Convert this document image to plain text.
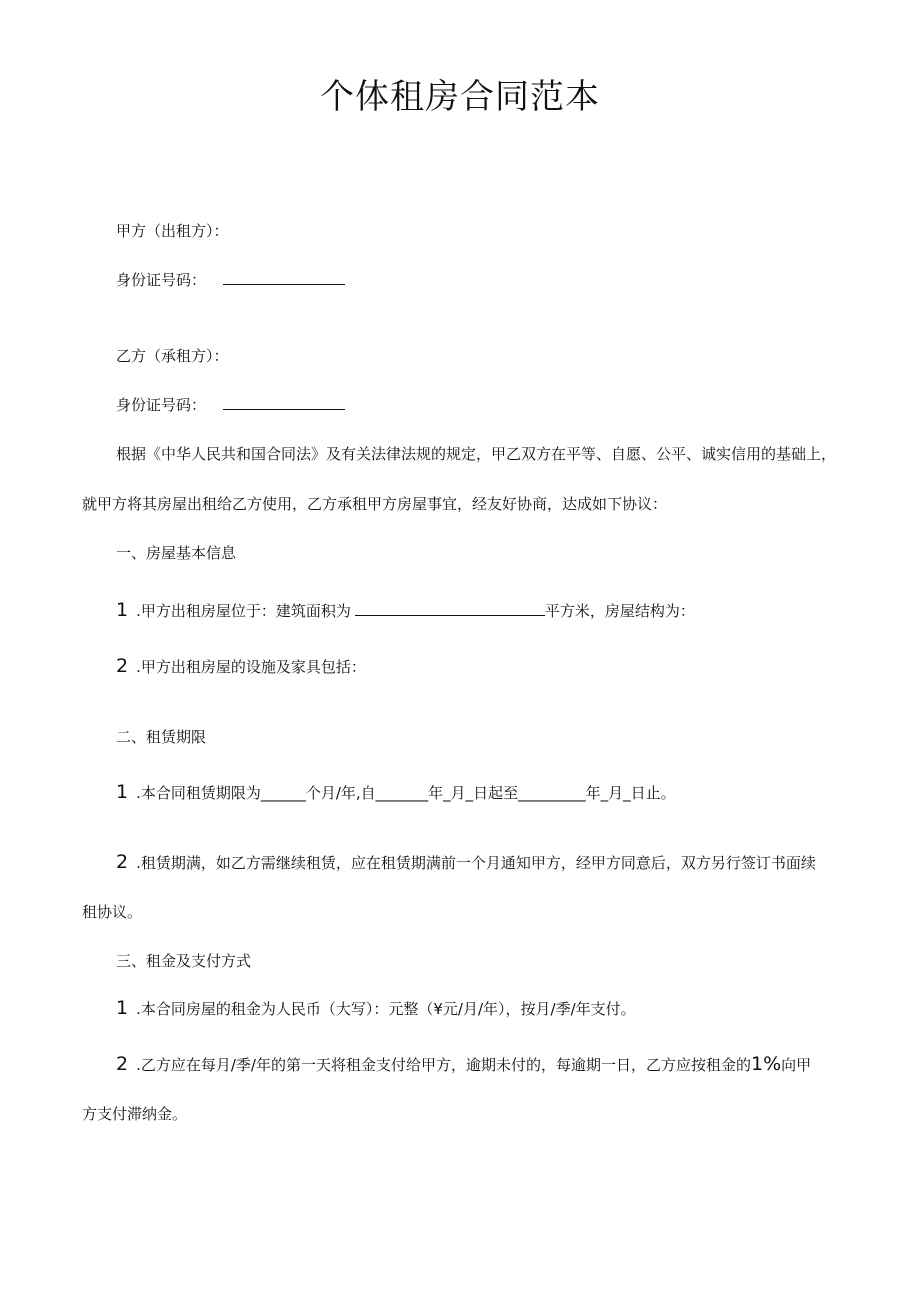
个体租房合同范本
甲方（出租方）：
身份证号码：
乙方（承租方）：
身份证号码：
根据《中华人民共和国合同法》及有关法律法规的规定，甲乙双方在平等、自愿、公平、诚实信用的基础上，
就甲方将其房屋出租给乙方使用，乙方承租甲方房屋事宜，经友好协商，达成如下协议：
一、房屋基本信息
1 .甲方出租房屋位于：建筑面积为	平方米，房屋结构为：
2 .甲方出租房屋的设施及家具包括：
二、租赁期限
1 .本合同租赁期限为______个月/年,自_______年_月_日起至_________年_月_日止。
2 .租赁期满，如乙方需继续租赁，应在租赁期满前一个月通知甲方，经甲方同意后，双方另行签订书面续
租协议。
三、租金及支付方式
1 .本合同房屋的租金为人民币（大写）：元整（¥元/月/年），按月/季/年支付。
2 .乙方应在每月/季/年的第一天将租金支付给甲方，逾期未付的，每逾期一日，乙方应按租金的1%向甲
方支付滞纳金。
